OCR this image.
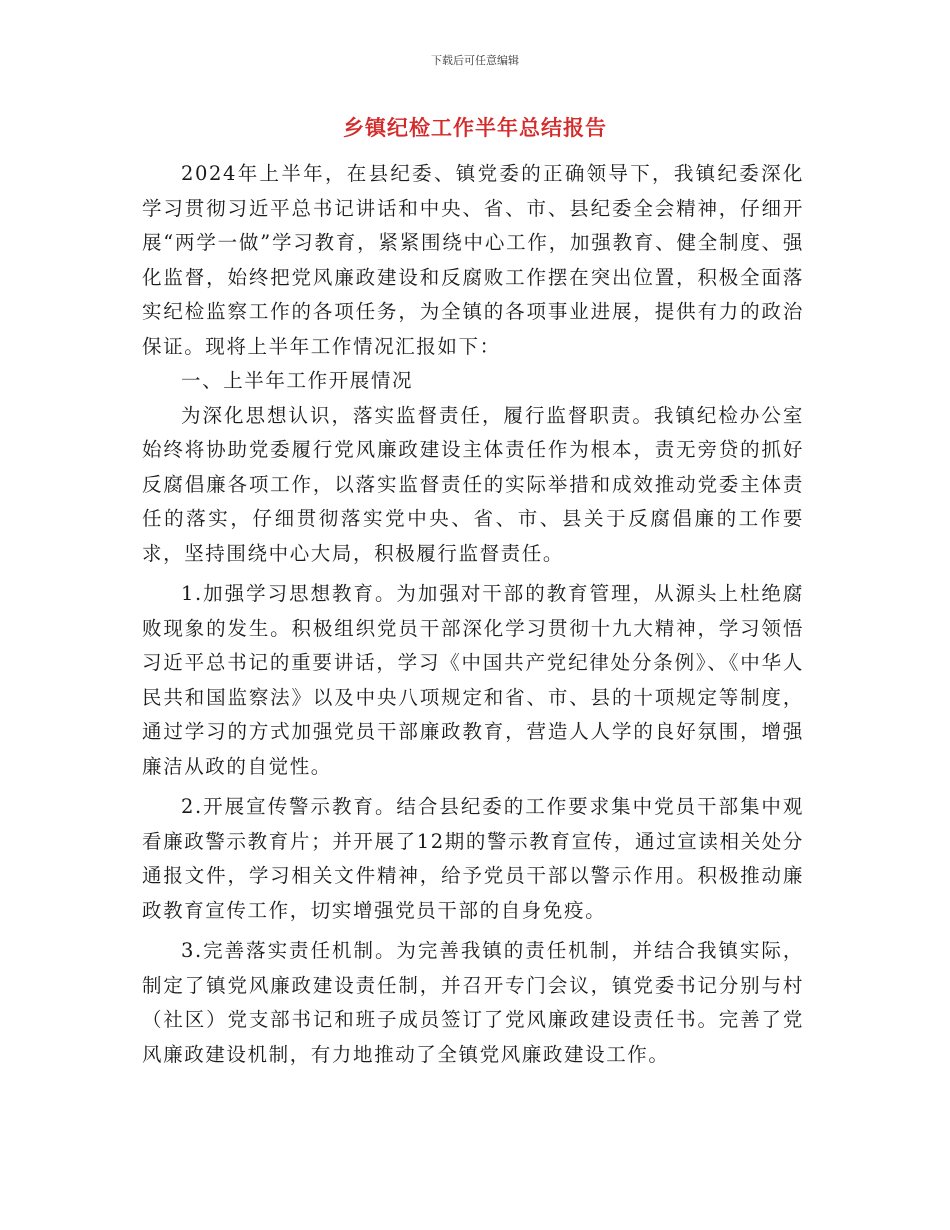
下载后可任意编辑
乡镇纪检工作半年总结报告

2024年上半年，在县纪委、镇党委的正确领导下，我镇纪委深化学习贯彻习近平总书记讲话和中央、省、市、县纪委全会精神，仔细开展“两学一做”学习教育，紧紧围绕中心工作，加强教育、健全制度、强化监督，始终把党风廉政建设和反腐败工作摆在突出位置，积极全面落实纪检监察工作的各项任务，为全镇的各项事业进展，提供有力的政治保证。现将上半年工作情况汇报如下：

一、上半年工作开展情况

为深化思想认识，落实监督责任，履行监督职责。我镇纪检办公室始终将协助党委履行党风廉政建设主体责任作为根本，责无旁贷的抓好反腐倡廉各项工作，以落实监督责任的实际举措和成效推动党委主体责任的落实，仔细贯彻落实党中央、省、市、县关于反腐倡廉的工作要求，坚持围绕中心大局，积极履行监督责任。

1.加强学习思想教育。为加强对干部的教育管理，从源头上杜绝腐败现象的发生。积极组织党员干部深化学习贯彻十九大精神，学习领悟习近平总书记的重要讲话，学习《中国共产党纪律处分条例》、《中华人民共和国监察法》以及中央八项规定和省、市、县的十项规定等制度，通过学习的方式加强党员干部廉政教育，营造人人学的良好氛围，增强廉洁从政的自觉性。

2.开展宣传警示教育。结合县纪委的工作要求集中党员干部集中观看廉政警示教育片；并开展了12期的警示教育宣传，通过宣读相关处分通报文件，学习相关文件精神，给予党员干部以警示作用。积极推动廉政教育宣传工作，切实增强党员干部的自身免疫。

3.完善落实责任机制。为完善我镇的责任机制，并结合我镇实际，制定了镇党风廉政建设责任制，并召开专门会议，镇党委书记分别与村（社区）党支部书记和班子成员签订了党风廉政建设责任书。完善了党风廉政建设机制，有力地推动了全镇党风廉政建设工作。
